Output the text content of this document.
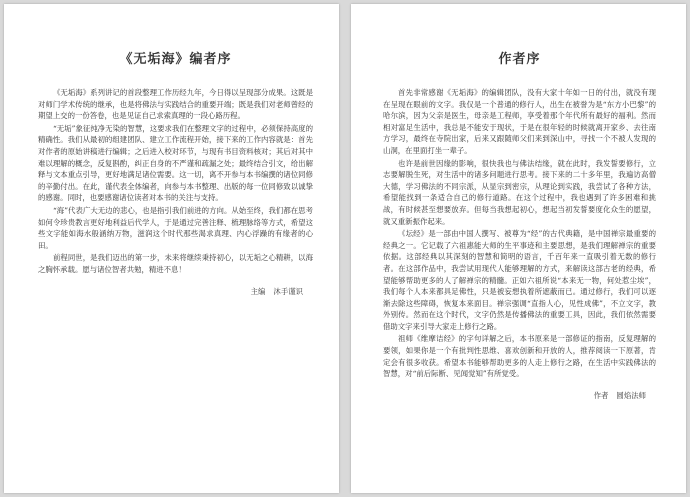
《无垢海》编者序

《无垢海》系列讲记的首段整理工作历经九年，今日得以呈现部分成果。这既是对师门学术传统的继承，也是将佛法与实践结合的重要开端；既是我们对老师曾经的期望上交的一份答卷，也是见证自己求索真理的一段心路历程。

“无垢”象征纯净无染的智慧，这要求我们在整理文字的过程中，必须保持高度的精确性。我们从最初的组建团队、建立工作流程开始，接下来的工作内容就是：首先对作者的原始讲稿进行编辑；之后进入校对环节，与现有书目资料核对；其后对其中难以理解的概念，反复斟酌，纠正自身的不严谨和疏漏之处；最终结合引文，给出解释与文本重点引导，更好地满足诸位需要。这一切，离不开参与本书编撰的诸位同修的辛勤付出。在此，谨代表全体编者，向参与本书整理、出版的每一位同修致以诚挚的感谢。同时，也要感谢诸位读者对本书的关注与支持。

“海”代表广大无边的悲心，也是指引我们前进的方向。从始至终，我们都在思考如何令珍贵教言更好地利益后代学人，于是通过完善注释、梳理脉络等方式，希望这些文字能如海水般涵纳万物，滋润这个时代那些渴求真理、内心浮躁的有缘者的心田。

前程同世，是我们迈出的第一步，未来将继续秉持初心，以无垢之心精耕，以海之胸怀承载。愿与诸位智者共勉，精进不息！

主编 沐手谨识
作者序

首先非常感谢《无垢海》的编辑团队，没有大家十年如一日的付出，就没有现在呈现在眼前的文字。我仅是一个普通的修行人，出生在被誉为是“东方小巴黎”的哈尔滨，因为父亲是医生，母亲是工程师，享受着那个年代所有最好的福利。然而相对富足生活中，我总是不能安于现状，于是在很年轻的时候就离开家乡、去往南方学习，最终在寺院出家，后来又跟随师父们来到深山中，寻找一个不被人发现的山洞，在里面打坐一辈子。

也许是前世因缘的影响，很快我也与佛法结缘，就在此时，我发誓要修行，立志要解脱生死，对生活中的诸多问题进行思考。接下来的二十多年里，我遍访高僧大德，学习佛法的不同宗派，从显宗到密宗，从理论到实践，我尝试了各种方法，希望能找到一条适合自己的修行道路。在这个过程中，我也遇到了许多困难和挑战，有时候甚至想要放弃。但每当我想起初心，想起当初发誓要度化众生的愿望，就又重新振作起来。

《坛经》是一部由中国人撰写、被尊为“经”的古代典籍，是中国禅宗最重要的经典之一。它记载了六祖惠能大师的生平事迹和主要思想，是我们理解禅宗的重要依据。这部经典以其深刻的智慧和简明的语言，千百年来一直吸引着无数的修行者。在这部作品中，我尝试用现代人能够理解的方式，来解读这部古老的经典，希望能够帮助更多的人了解禅宗的精髓。正如六祖所说“本来无一物，何处惹尘埃”，我们每个人本来都具足佛性，只是被妄想执着所遮蔽而已。通过修行，我们可以逐渐去除这些障碍，恢复本来面目。禅宗强调“直指人心，见性成佛”，不立文字，教外别传。然而在这个时代，文字仍然是传播佛法的重要工具，因此，我们依然需要借助文字来引导大家走上修行之路。

祖师《维摩诘经》的字句详解之后，本书原来是一部修证的指南，反复理解的要领，如果你是一个有批判性思维、喜欢创新和开放的人，推荐阅读一下原著，肯定会有很多收获。希望本书能够帮助更多的人走上修行之路，在生活中实践佛法的智慧，对“前后际断、见闻觉知”有所觉受。

作者 圆焰法师
